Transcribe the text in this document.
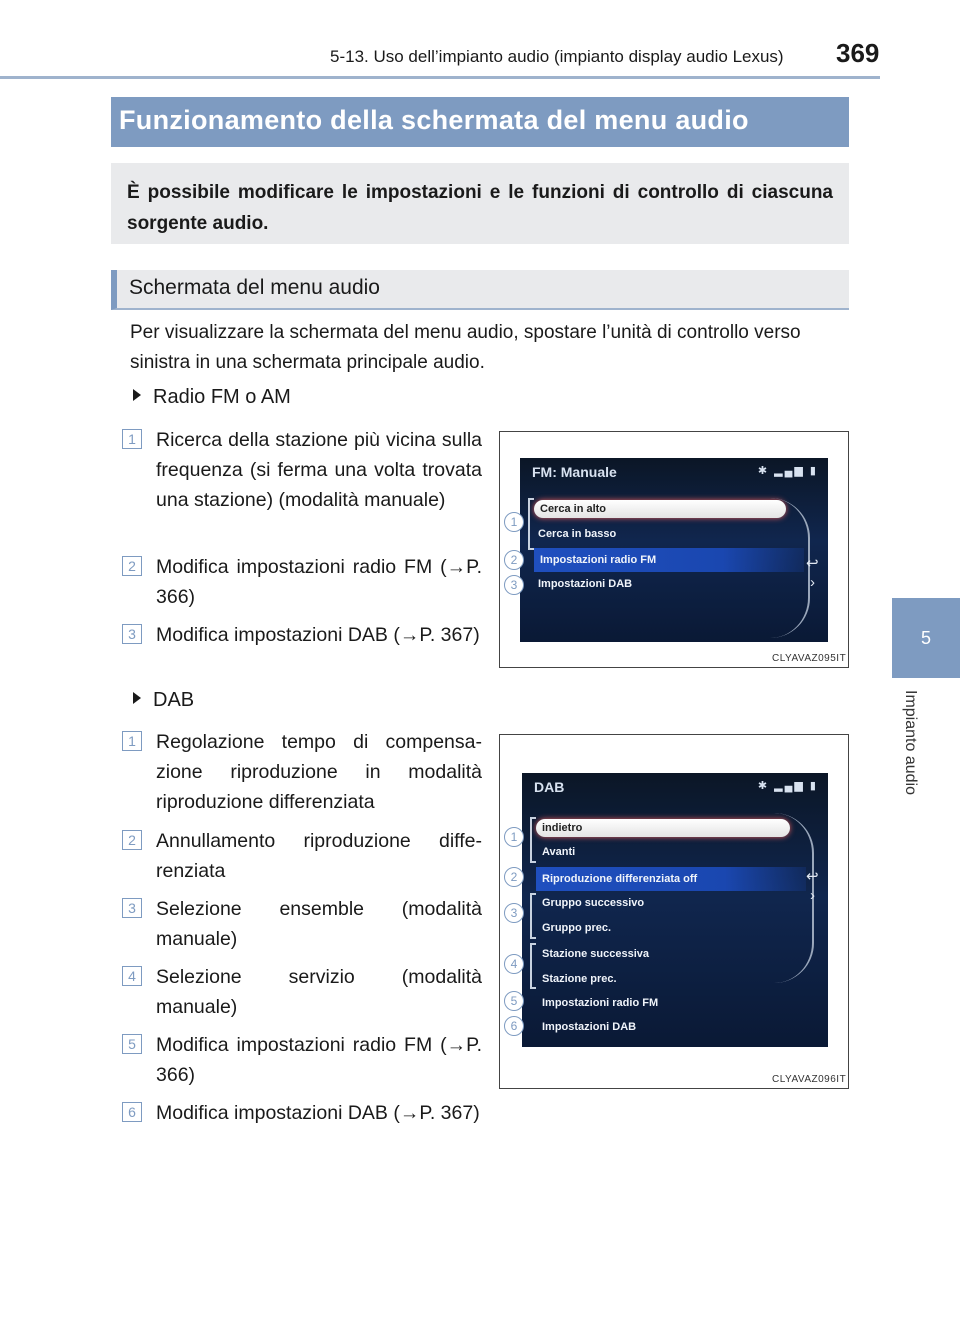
5-13. Uso dell’impianto audio (impianto display audio Lexus) 369
5
Impianto audio
Funzionamento della schermata del menu audio
È possibile modificare le impostazioni e le funzioni di controllo di ciascuna sorgente audio.
Schermata del menu audio
Per visualizzare la schermata del menu audio, spostare l’unità di controllo verso sinistra in una schermata principale audio.
Radio FM o AM
1	Ricerca della stazione più vicina sulla frequenza (si ferma una volta trovata una stazione) (modalità manuale)
2	Modifica impostazioni radio FM (→P. 366)
3	Modifica impostazioni DAB (→P. 367)
FM: Manuale	✱ ▂▄▆ ▮
Cerca in alto
Cerca in basso
Impostazioni radio FM
Impostazioni DAB
↩
›
1
2
3
CLYAVAZ095IT
DAB
1	Regolazione tempo di compensa-zione riproduzione in modalità riproduzione differenziata
2	Annullamento riproduzione diffe-renziata
3	Selezione ensemble (modalità manuale)
4	Selezione servizio (modalità manuale)
5	Modifica impostazioni radio FM (→P. 366)
6	Modifica impostazioni DAB (→P. 367)
DAB	✱ ▂▄▆ ▮
indietro
Avanti
Riproduzione differenziata off
Gruppo successivo
Gruppo prec.
Stazione successiva
Stazione prec.
Impostazioni radio FM
Impostazioni DAB
↩
›
1
2
3
4
5
6
CLYAVAZ096IT
